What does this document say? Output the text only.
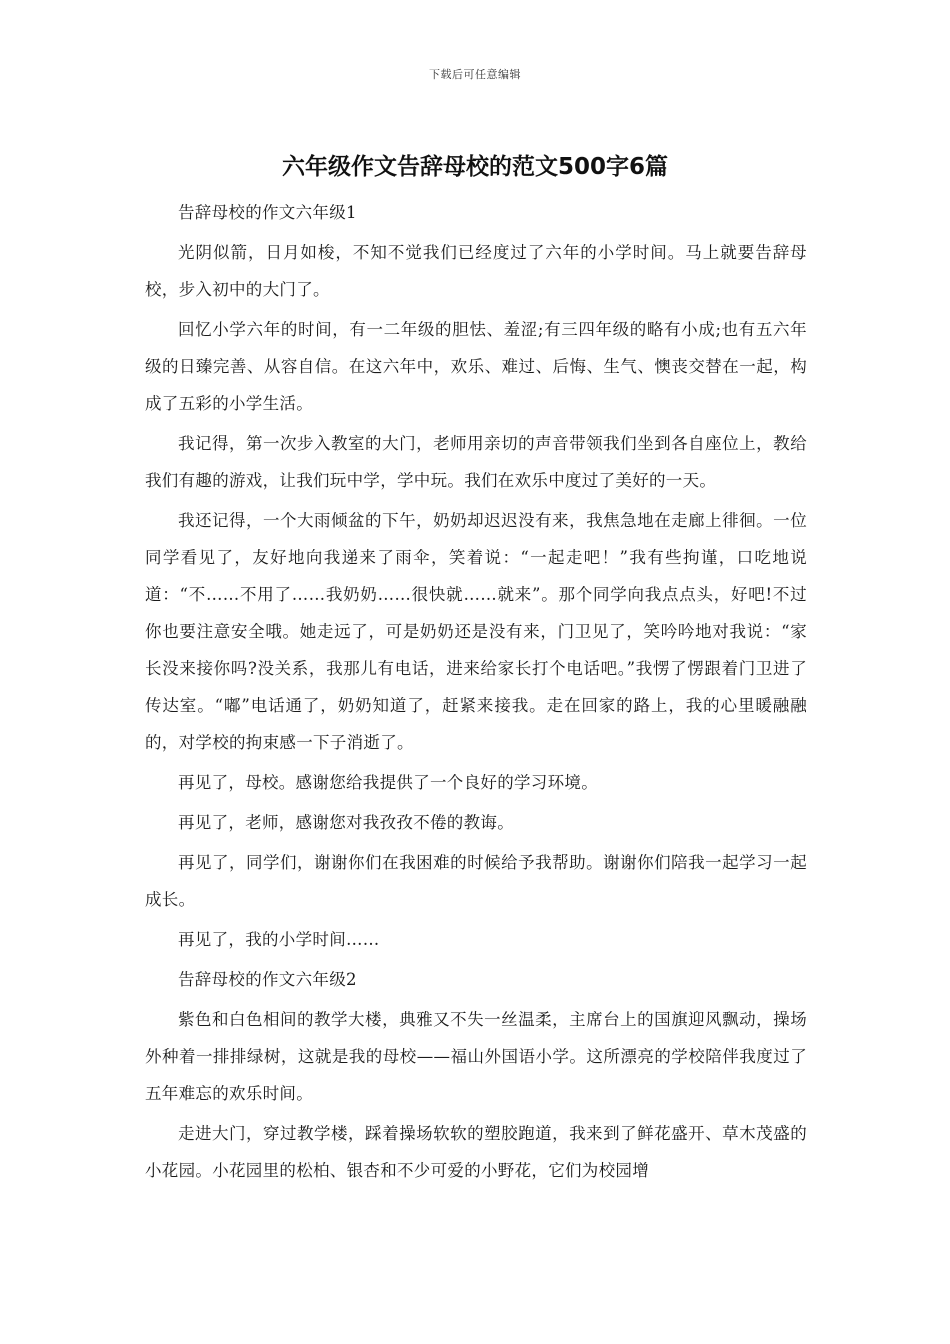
下载后可任意编辑
六年级作文告辞母校的范文500字6篇

告辞母校的作文六年级1

光阴似箭，日月如梭，不知不觉我们已经度过了六年的小学时间。马上就要告辞母校，步入初中的大门了。

回忆小学六年的时间，有一二年级的胆怯、羞涩;有三四年级的略有小成;也有五六年级的日臻完善、从容自信。在这六年中，欢乐、难过、后悔、生气、懊丧交替在一起，构成了五彩的小学生活。

我记得，第一次步入教室的大门，老师用亲切的声音带领我们坐到各自座位上，教给我们有趣的游戏，让我们玩中学，学中玩。我们在欢乐中度过了美好的一天。

我还记得，一个大雨倾盆的下午，奶奶却迟迟没有来，我焦急地在走廊上徘徊。一位同学看见了，友好地向我递来了雨伞，笑着说：“一起走吧！”我有些拘谨，口吃地说道：“不……不用了……我奶奶……很快就……就来”。那个同学向我点点头，好吧!不过你也要注意安全哦。她走远了，可是奶奶还是没有来，门卫见了，笑吟吟地对我说：“家长没来接你吗?没关系，我那儿有电话，进来给家长打个电话吧。”我愣了愣跟着门卫进了传达室。“嘟”电话通了，奶奶知道了，赶紧来接我。走在回家的路上，我的心里暖融融的，对学校的拘束感一下子消逝了。

再见了，母校。感谢您给我提供了一个良好的学习环境。

再见了，老师，感谢您对我孜孜不倦的教诲。

再见了，同学们，谢谢你们在我困难的时候给予我帮助。谢谢你们陪我一起学习一起成长。

再见了，我的小学时间……

告辞母校的作文六年级2

紫色和白色相间的教学大楼，典雅又不失一丝温柔，主席台上的国旗迎风飘动，操场外种着一排排绿树，这就是我的母校——福山外国语小学。这所漂亮的学校陪伴我度过了五年难忘的欢乐时间。

走进大门，穿过教学楼，踩着操场软软的塑胶跑道，我来到了鲜花盛开、草木茂盛的小花园。小花园里的松柏、银杏和不少可爱的小野花，它们为校园增
